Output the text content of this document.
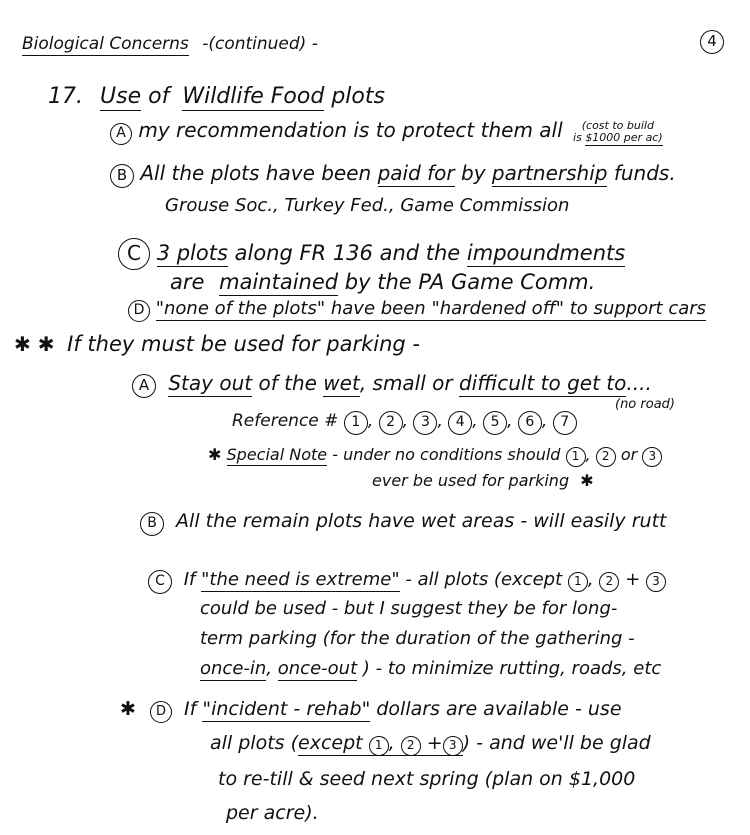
Biological Concerns -(continued) -	4
17. Use of Wildlife Food plots
A my recommendation is to protect them all (cost to build
is $1000 per ac)
B All the plots have been paid for by partnership funds.
Grouse Soc., Turkey Fed., Game Commission
C 3 plots along FR 136 and the impoundments
are maintained by the PA Game Comm.
D "none of the plots" have been "hardened off" to support cars
✱ ✱ If they must be used for parking -
A Stay out of the wet, small or difficult to get to....
(no road)
Reference # 1 , 2 , 3 , 4 , 5 , 6 , 7
✱ Special Note - under no conditions should 1 , 2 or 3
ever be used for parking ✱
B All the remain plots have wet areas - will easily rutt
C If "the need is extreme" - all plots (except 1 , 2 + 3
could be used - but I suggest they be for long-
term parking (for the duration of the gathering -
once-in, once-out ) - to minimize rutting, roads, etc
✱ D If "incident - rehab" dollars are available - use
all plots (except 1 , 2 + 3 ) - and we'll be glad
to re-till & seed next spring (plan on $1,000
per acre).
